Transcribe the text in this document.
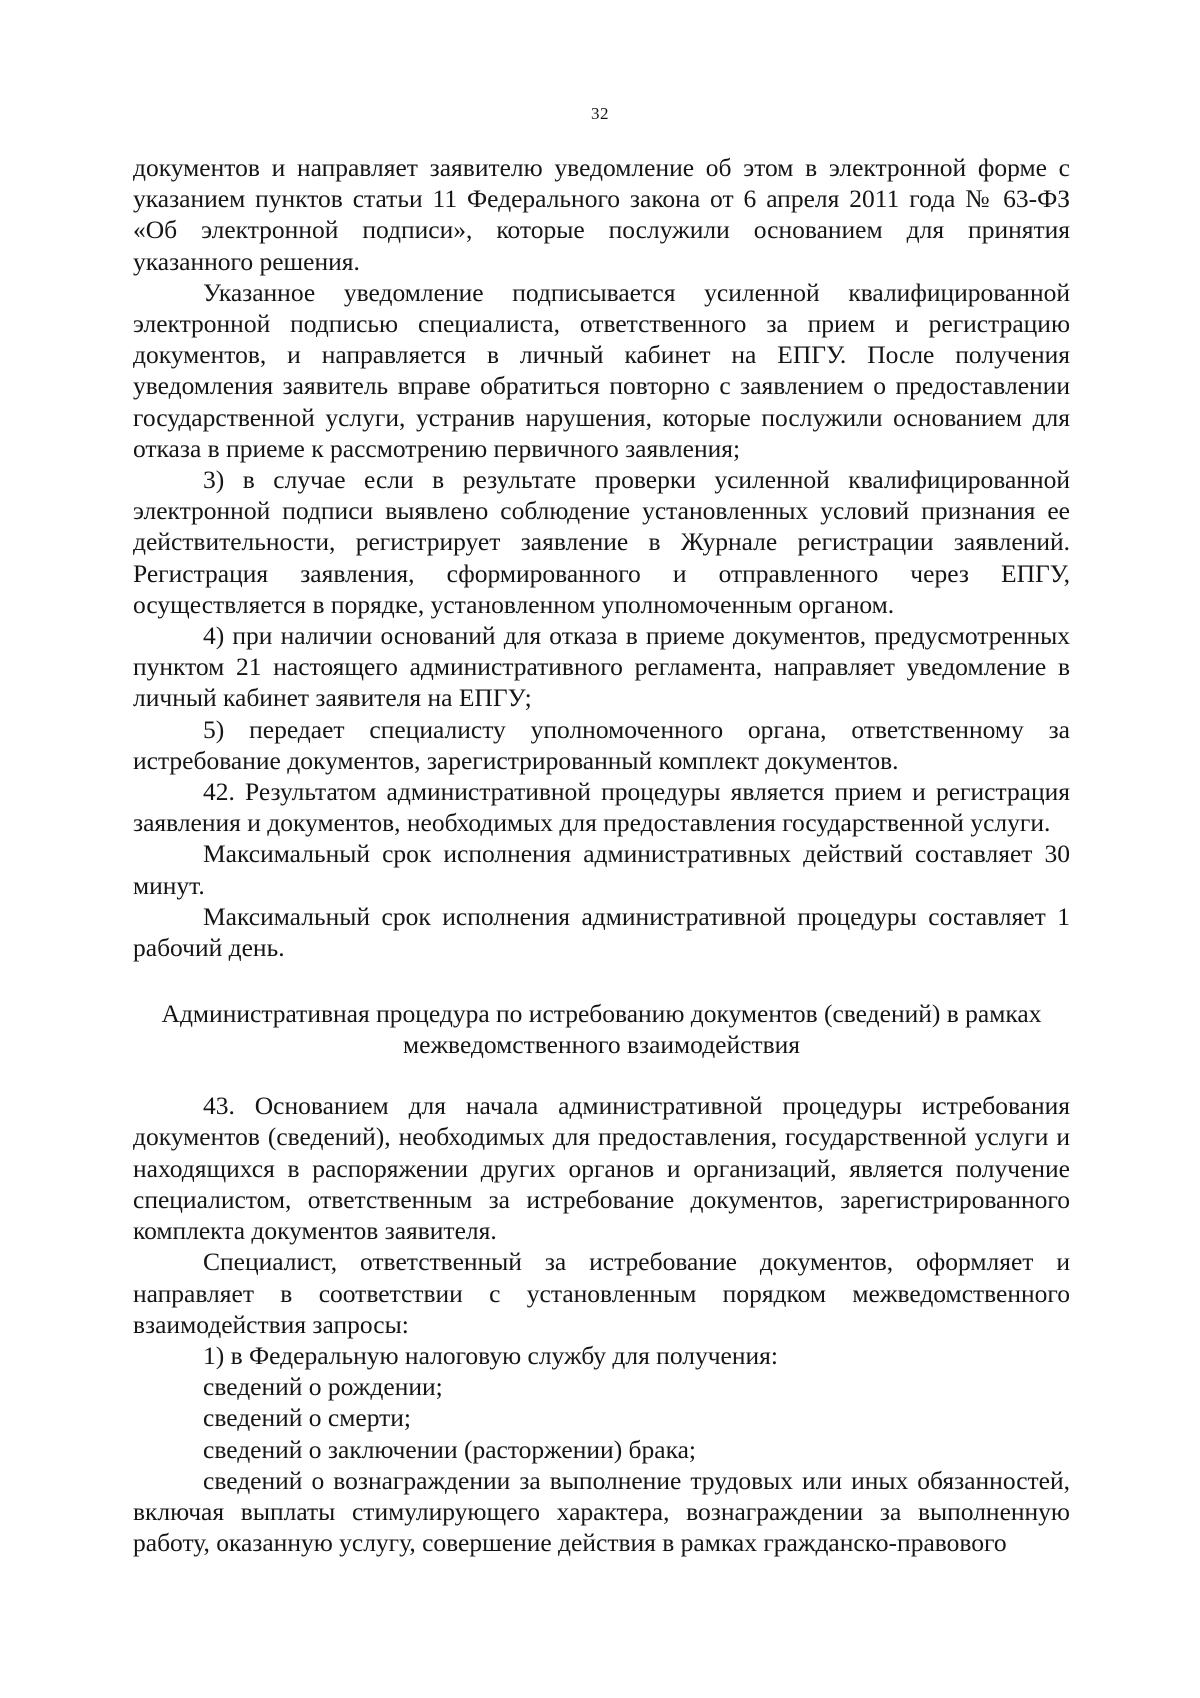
32

документов и направляет заявителю уведомление об этом в электронной форме с указанием пунктов статьи 11 Федерального закона от 6 апреля 2011 года № 63-ФЗ «Об электронной подписи», которые послужили основанием для принятия указанного решения.

Указанное уведомление подписывается усиленной квалифицированной электронной подписью специалиста, ответственного за прием и регистрацию документов, и направляется в личный кабинет на ЕПГУ. После получения уведомления заявитель вправе обратиться повторно с заявлением о предоставлении государственной услуги, устранив нарушения, которые послужили основанием для отказа в приеме к рассмотрению первичного заявления;

3) в случае если в результате проверки усиленной квалифицированной электронной подписи выявлено соблюдение установленных условий признания ее действительности, регистрирует заявление в Журнале регистрации заявлений. Регистрация заявления, сформированного и отправленного через ЕПГУ, осуществляется в порядке, установленном уполномоченным органом.

4) при наличии оснований для отказа в приеме документов, предусмотренных пунктом 21 настоящего административного регламента, направляет уведомление в личный кабинет заявителя на ЕПГУ;

5) передает специалисту уполномоченного органа, ответственному за истребование документов, зарегистрированный комплект документов.

42. Результатом административной процедуры является прием и регистрация заявления и документов, необходимых для предоставления государственной услуги.

Максимальный срок исполнения административных действий составляет 30 минут.

Максимальный срок исполнения административной процедуры составляет 1 рабочий день.

Административная процедура по истребованию документов (сведений) в рамках
межведомственного взаимодействия

43. Основанием для начала административной процедуры истребования документов (сведений), необходимых для предоставления, государственной услуги и находящихся в распоряжении других органов и организаций, является получение специалистом, ответственным за истребование документов, зарегистрированного комплекта документов заявителя.

Специалист, ответственный за истребование документов, оформляет и направляет в соответствии с установленным порядком межведомственного взаимодействия запросы:

1) в Федеральную налоговую службу для получения:

сведений о рождении;

сведений о смерти;

сведений о заключении (расторжении) брака;

сведений о вознаграждении за выполнение трудовых или иных обязанностей, включая выплаты стимулирующего характера, вознаграждении за выполненную работу, оказанную услугу, совершение действия в рамках гражданско-правового
